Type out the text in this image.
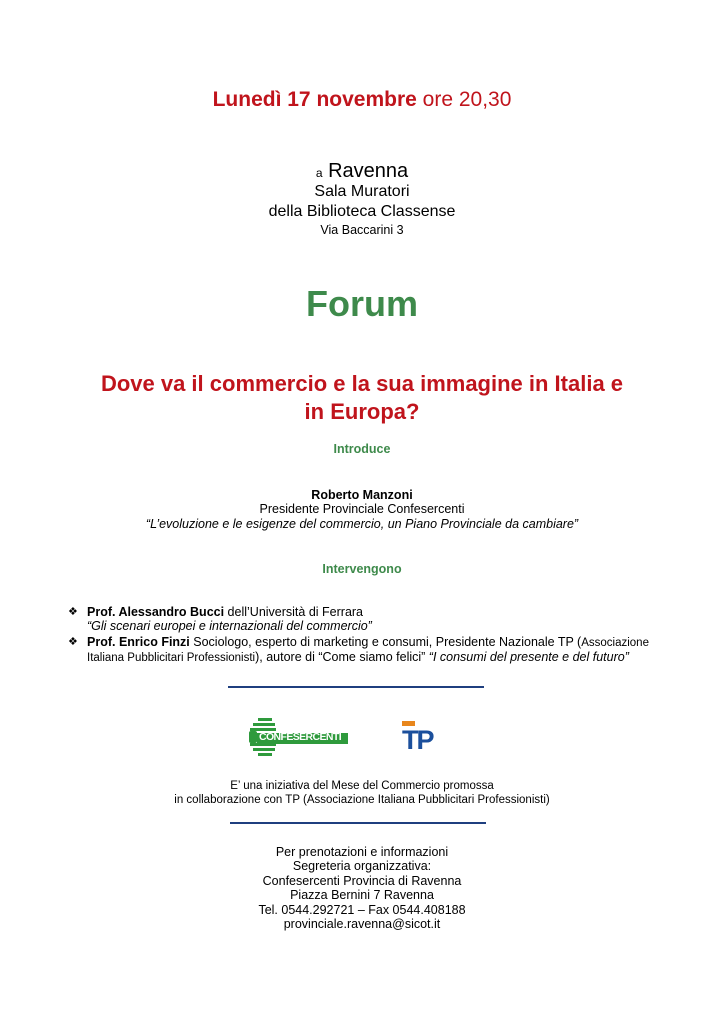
Lunedì 17 novembre ore 20,30
a Ravenna
Sala Muratori
della Biblioteca Classense
Via Baccarini 3
Forum
Dove va il commercio e la sua immagine in Italia e
in Europa?
Introduce
Roberto Manzoni
Presidente Provinciale Confesercenti
“L’evoluzione e le esigenze del commercio, un Piano Provinciale da cambiare”
Intervengono
❖ Prof. Alessandro Bucci dell’Università di Ferrara
“Gli scenari europei e internazionali del commercio”
❖ Prof. Enrico Finzi Sociologo, esperto di marketing e consumi, Presidente Nazionale TP (Associazione
Italiana Pubblicitari Professionisti), autore di “Come siamo felici” “I consumi del presente e del futuro”
CONFESERCENTI TP
E’ una iniziativa del Mese del Commercio promossa
in collaborazione con TP (Associazione Italiana Pubblicitari Professionisti)
Per prenotazioni e informazioni
Segreteria organizzativa:
Confesercenti Provincia di Ravenna
Piazza Bernini 7 Ravenna
Tel. 0544.292721 – Fax 0544.408188
provinciale.ravenna@sicot.it
